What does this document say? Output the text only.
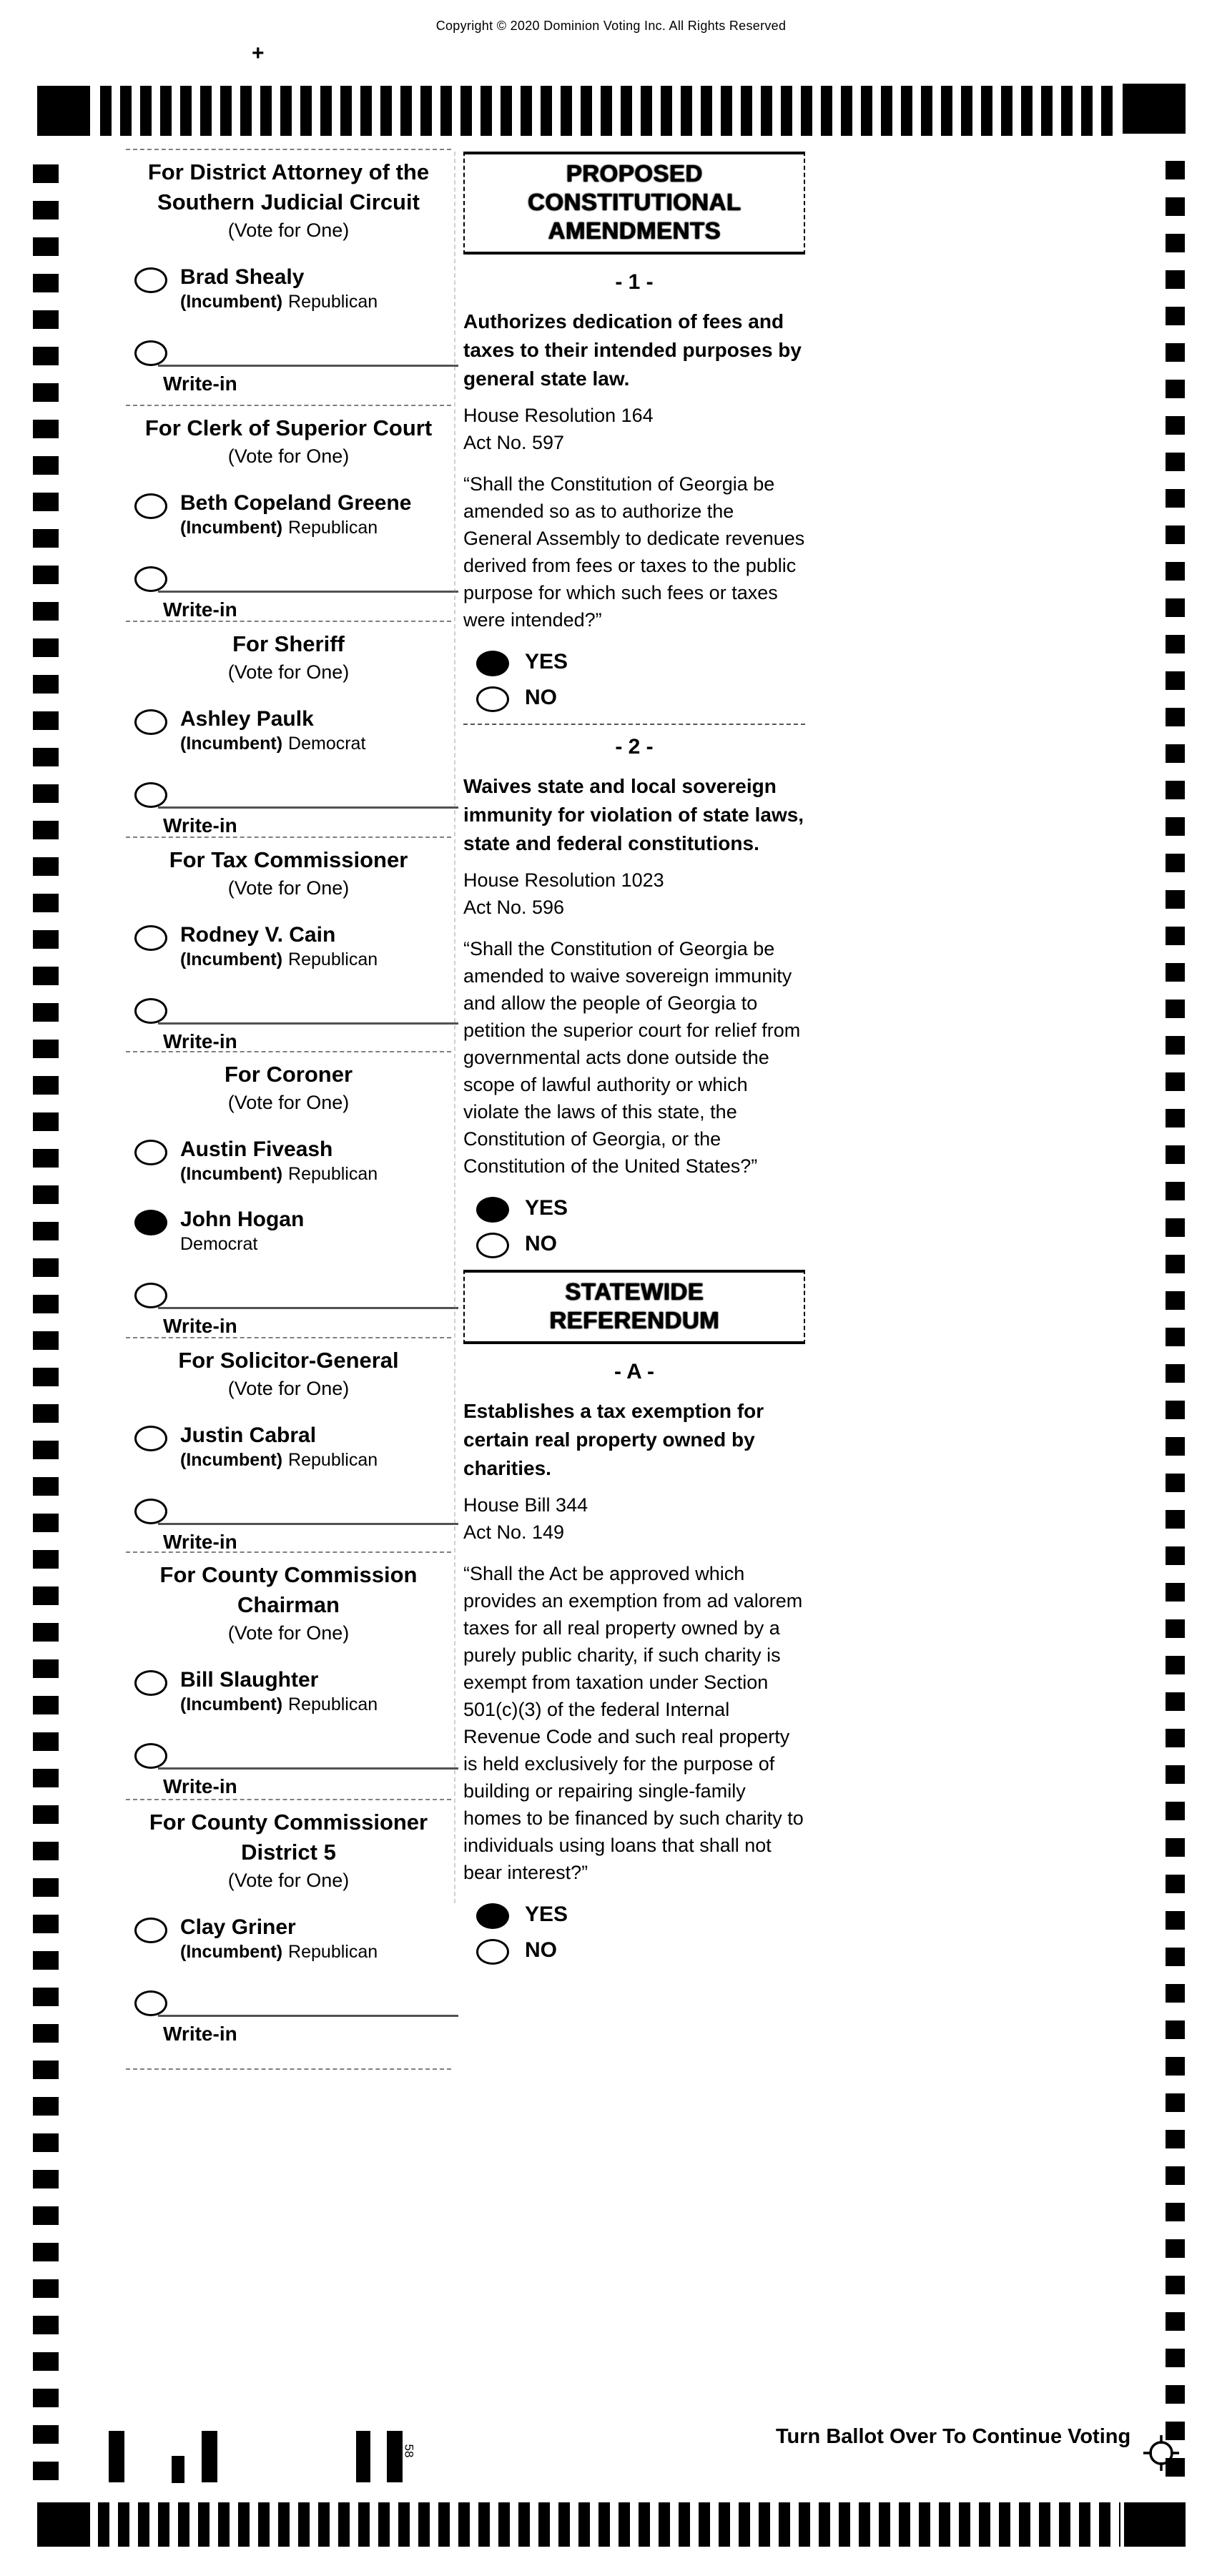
Copyright © 2020 Dominion Voting Inc. All Rights Reserved
+
For District Attorney of the
Southern Judicial Circuit
(Vote for One)
Brad Shealy
(Incumbent) Republican
Write-in
For Clerk of Superior Court
(Vote for One)
Beth Copeland Greene
(Incumbent) Republican
Write-in
For Sheriff
(Vote for One)
Ashley Paulk
(Incumbent) Democrat
Write-in
For Tax Commissioner
(Vote for One)
Rodney V. Cain
(Incumbent) Republican
Write-in
For Coroner
(Vote for One)
Austin Fiveash
(Incumbent) Republican
John Hogan
Democrat
Write-in
For Solicitor-General
(Vote for One)
Justin Cabral
(Incumbent) Republican
Write-in
For County Commission
Chairman
(Vote for One)
Bill Slaughter
(Incumbent) Republican
Write-in
For County Commissioner
District 5
(Vote for One)
Clay Griner
(Incumbent) Republican
Write-in
PROPOSED
CONSTITUTIONAL
AMENDMENTS
- 1 -
Authorizes dedication of fees and taxes to their intended purposes by general state law.
House Resolution 164
Act No. 597
“Shall the Constitution of Georgia be amended so as to authorize the General Assembly to dedicate revenues derived from fees or taxes to the public purpose for which such fees or taxes were intended?”
YES
NO
- 2 -
Waives state and local sovereign immunity for violation of state laws, state and federal constitutions.
House Resolution 1023
Act No. 596
“Shall the Constitution of Georgia be amended to waive sovereign immunity and allow the people of Georgia to petition the superior court for relief from governmental acts done outside the scope of lawful authority or which violate the laws of this state, the Constitution of Georgia, or the Constitution of the United States?”
YES
NO
STATEWIDE
REFERENDUM
- A -
Establishes a tax exemption for certain real property owned by charities.
House Bill 344
Act No. 149
“Shall the Act be approved which provides an exemption from ad valorem taxes for all real property owned by a purely public charity, if such charity is exempt from taxation under Section 501(c)(3) of the federal Internal Revenue Code and such real property is held exclusively for the purpose of building or repairing single-family homes to be financed by such charity to individuals using loans that shall not bear interest?”
YES
NO
58
Turn Ballot Over To Continue Voting
